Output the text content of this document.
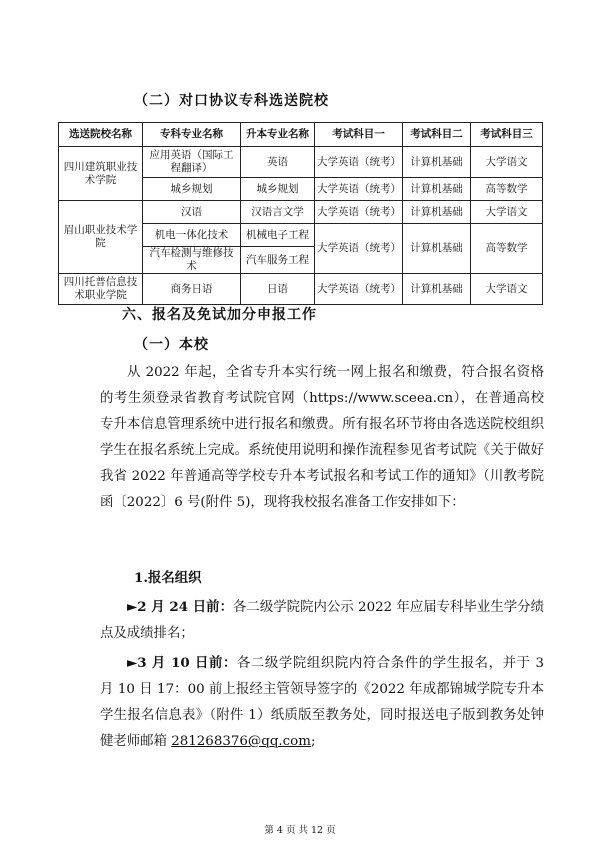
（二）对口协议专科选送院校
选送院校名称	专科专业名称	升本专业名称	考试科目一	考试科目二	考试科目三
四川建筑职业技术学院	应用英语（国际工程翻译）	英语	大学英语（统考）	计算机基础	大学语文
	城乡规划	城乡规划	大学英语（统考）	计算机基础	高等数学
眉山职业技术学院	汉语	汉语言文学	大学英语（统考）	计算机基础	大学语文
	机电一体化技术	机械电子工程	大学英语（统考）	计算机基础	高等数学
	汽车检测与维修技术	汽车服务工程			
四川托普信息技术职业学院	商务日语	日语	大学英语（统考）	计算机基础	大学语文
六、报名及免试加分申报工作
（一）本校
从 2022 年起，全省专升本实行统一网上报名和缴费，符合报名资格的考生须登录省教育考试院官网（https://www.sceea.cn），在普通高校专升本信息管理系统中进行报名和缴费。所有报名环节将由各选送院校组织学生在报名系统上完成。系统使用说明和操作流程参见省考试院《关于做好我省 2022 年普通高等学校专升本考试报名和考试工作的通知》（川教考院函〔2022〕6 号(附件 5)，现将我校报名准备工作安排如下：
1.报名组织
►2 月 24 日前：各二级学院院内公示 2022 年应届专科毕业生学分绩点及成绩排名；
►3 月 10 日前：各二级学院组织院内符合条件的学生报名，并于 3 月 10 日 17：00 前上报经主管领导签字的《2022 年成都锦城学院专升本学生报名信息表》（附件 1）纸质版至教务处，同时报送电子版到教务处钟健老师邮箱 281268376@qq.com;
第 4 页 共 12 页
